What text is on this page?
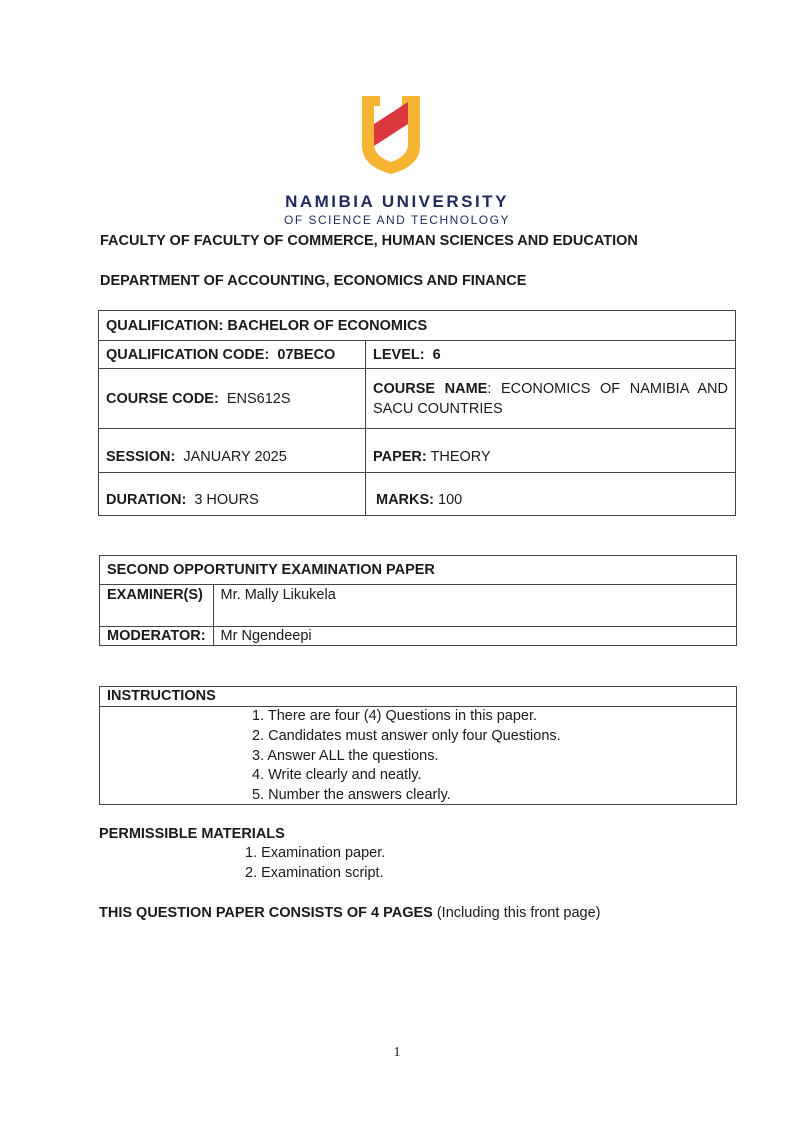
NAMIBIA UNIVERSITY
OF SCIENCE AND TECHNOLOGY
FACULTY OF FACULTY OF COMMERCE, HUMAN SCIENCES AND EDUCATION
DEPARTMENT OF ACCOUNTING, ECONOMICS AND FINANCE
QUALIFICATION: BACHELOR OF ECONOMICS	
QUALIFICATION CODE: 07BECO	LEVEL: 6
COURSE CODE: ENS612S	COURSE NAME: ECONOMICS OF NAMIBIA AND SACU COUNTRIES
SESSION: JANUARY 2025	PAPER: THEORY
DURATION: 3 HOURS	MARKS: 100
SECOND OPPORTUNITY EXAMINATION PAPER	
EXAMINER(S)	Mr. Mally Likukela
MODERATOR:	Mr Ngendeepi
INSTRUCTIONS
1. There are four (4) Questions in this paper.
2. Candidates must answer only four Questions.
3. Answer ALL the questions.
4. Write clearly and neatly.
5. Number the answers clearly.
PERMISSIBLE MATERIALS
1. Examination paper.
2. Examination script.
THIS QUESTION PAPER CONSISTS OF 4 PAGES (Including this front page)
1
